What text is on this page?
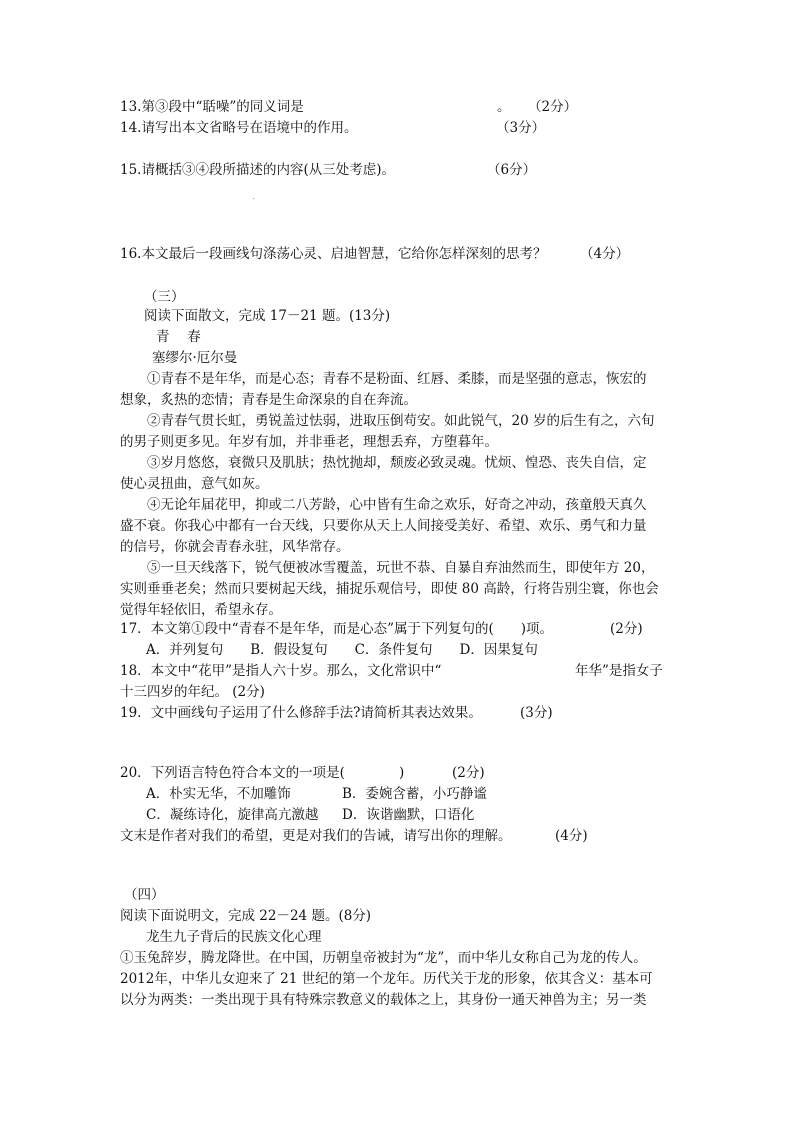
13.第③段中“聒噪”的同义词是	。 （2分）
14.请写出本文省略号在语境中的作用。	（3分）
15.请概括③④段所描述的内容(从三处考虑)。	（6分）
16.本文最后一段画线句涤荡心灵、启迪智慧，它给你怎样深刻的思考？ （4分）
（三）
阅读下面散文，完成 17－21 题。(13分)
青　 春
塞缪尔·厄尔曼
①青春不是年华，而是心态；青春不是粉面、红唇、柔膝，而是坚强的意志，恢宏的
想象，炙热的恋情；青春是生命深泉的自在奔流。
②青春气贯长虹，勇锐盖过怯弱，进取压倒苟安。如此锐气，20 岁的后生有之，六旬
的男子则更多见。年岁有加，并非垂老，理想丢弃，方堕暮年。
③岁月悠悠，衰微只及肌肤；热忱抛却，颓废必致灵魂。忧烦、惶恐、丧失自信，定
使心灵扭曲，意气如灰。
④无论年届花甲，抑或二八芳龄，心中皆有生命之欢乐，好奇之冲动，孩童般天真久
盛不衰。你我心中都有一台天线，只要你从天上人间接受美好、希望、欢乐、勇气和力量
的信号，你就会青春永驻，风华常存。
⑤一旦天线落下，锐气便被冰雪覆盖，玩世不恭、自暴自弃油然而生，即使年方 20，
实则垂垂老矣；然而只要树起天线，捕捉乐观信号，即使 80 高龄，行将告别尘寰，你也会
觉得年轻依旧，希望永存。
17．本文第①段中“青春不是年华，而是心态”属于下列复句的(　　)项。	(2分)
A．并列复句　　B．假设复句　　C．条件复句　　D．因果复句
18．本文中“花甲”是指人六十岁。那么，文化常识中“	年华”是指女子
十三四岁的年纪。 (2分)
19．文中画线句子运用了什么修辞手法?请简析其表达效果。	(3分)
20．下列语言特色符合本文的一项是(　　　　)	(2分)
A．朴实无华，不加雕饰	B．委婉含蓄，小巧静谧
C．凝练诗化，旋律高亢激越 D．诙谐幽默，口语化
文末是作者对我们的希望，更是对我们的告诫，请写出你的理解。	(4分)
（四）
阅读下面说明文，完成 22－24 题。(8分)
龙生九子背后的民族文化心理
①玉兔辞岁，腾龙降世。在中国，历朝皇帝被封为“龙”，而中华儿女称自己为龙的传人。
2012年，中华儿女迎来了 21 世纪的第一个龙年。历代关于龙的形象，依其含义：基本可
以分为两类：一类出现于具有特殊宗教意义的载体之上，其身份一通天神兽为主；另一类
